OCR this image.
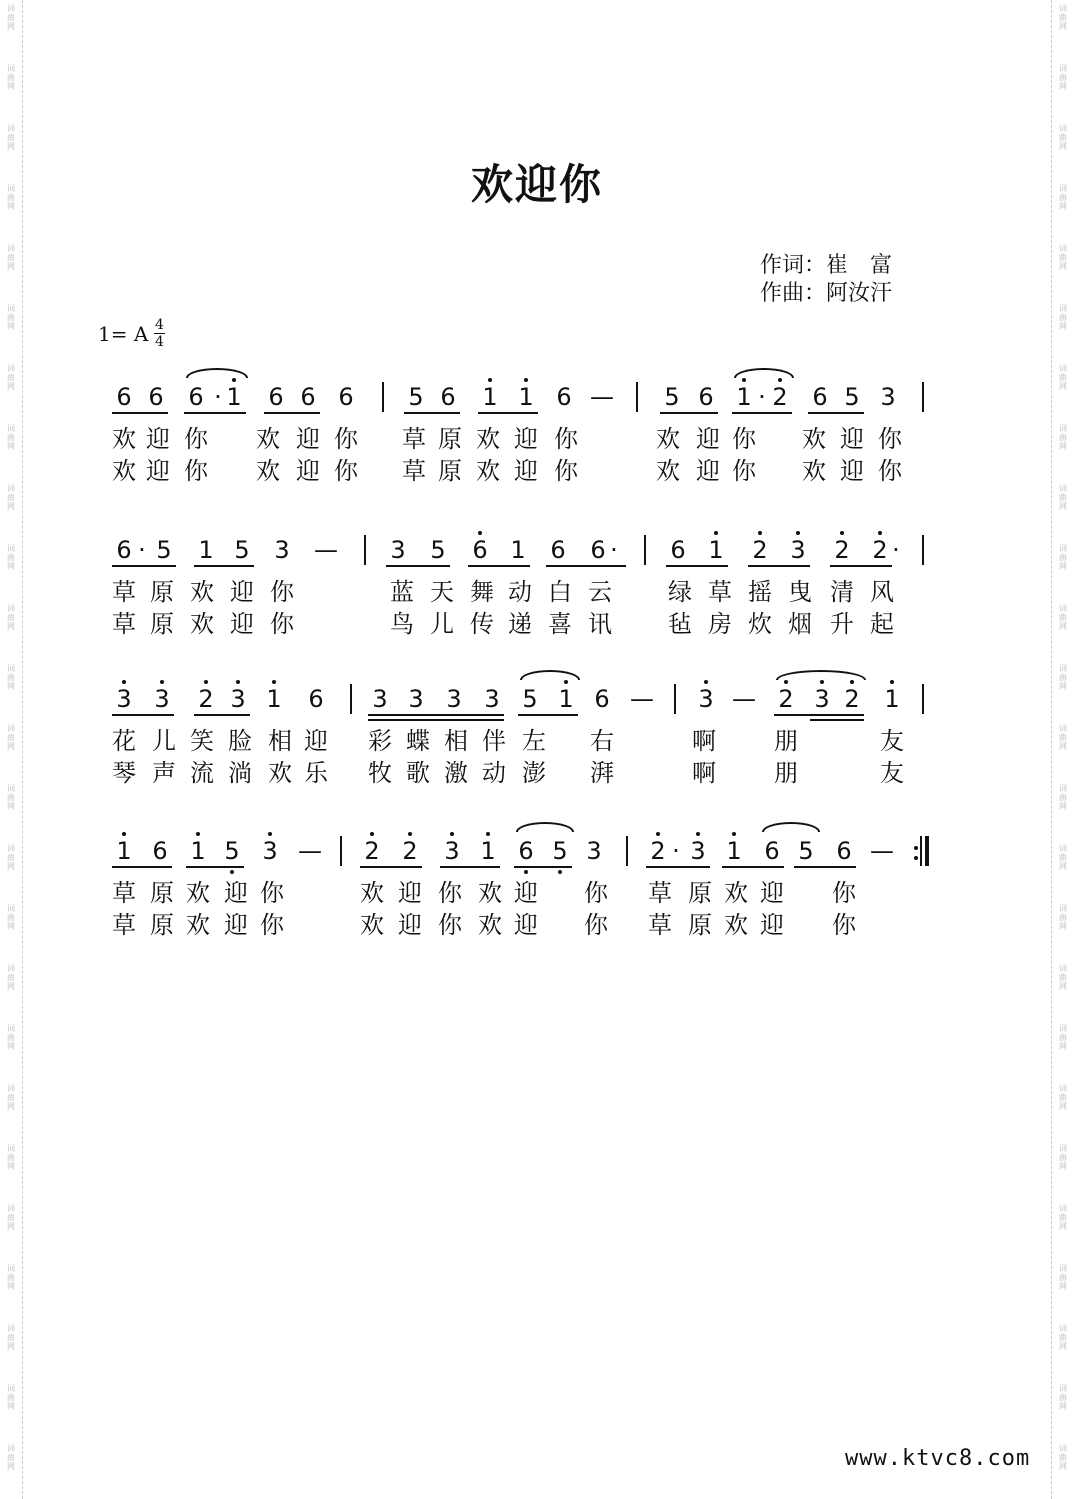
欢迎你
作词：崔　富
作曲：阿汝汗
1= A 4
4
6 6	6 · 1	6 6 6	5 6	1 1 6 —	5 6 1 · 2	6 5 3
欢 迎 你 欢 迎 你 草 原 欢 迎 你	欢 迎 你 欢 迎 你
欢 迎 你 欢 迎 你 草 原 欢 迎 你	欢 迎 你 欢 迎 你
6 · 5	1 5	3	—	3	5	6 1	6	6 ·	6 1	2 3	2 2 ·
草 原 欢 迎 你	蓝 天 舞 动 白 云 绿 草 摇 曳 清 风
草 原 欢 迎 你	鸟 儿 传 递 喜 讯 毡 房 炊 烟 升 起
3 3	2 3 1	6	3 3 3 3 5 1 6 —	3 — 2 3 2	1
花 儿 笑 脸 相 迎 彩 蝶 相 伴 左 右	啊 朋	友
琴 声 流 淌 欢 乐 牧 歌 激 动 澎 湃	啊 朋	友
1 6 1 5 3 —	2 2	3 1 6 5 3	2 · 3 1 6 5 6 —
草 原 欢 迎 你	欢 迎 你 欢 迎 你 草 原 欢 迎 你
草 原 欢 迎 你	欢 迎 你 欢 迎 你 草 原 欢 迎 你
www.ktvc8.com
词
曲
网
词
曲
网
词
曲
网
词
曲
网
词
曲
网
词
曲
网
词
曲
网
词
曲
网
词
曲
网
词
曲
网
词
曲
网
词
曲
网
词
曲
网
词
曲
网
词
曲
网
词
曲
网
词
曲
网
词
曲
网
词
曲
网
词
曲
网
词
曲
网
词
曲
网
词
曲
网
词
曲
网
词
曲
网
词
曲
网
词
曲
网
词
曲
网
词
曲
网
词
曲
网
词
曲
网
词
曲
网
词
曲
网
词
曲
网
词
曲
网
词
曲
网
词
曲
网
词
曲
网
词
曲
网
词
曲
网
词
曲
网
词
曲
网
词
曲
网
词
曲
网
词
曲
网
词
曲
网
词
曲
网
词
曲
网
词
曲
网
词
曲
网
